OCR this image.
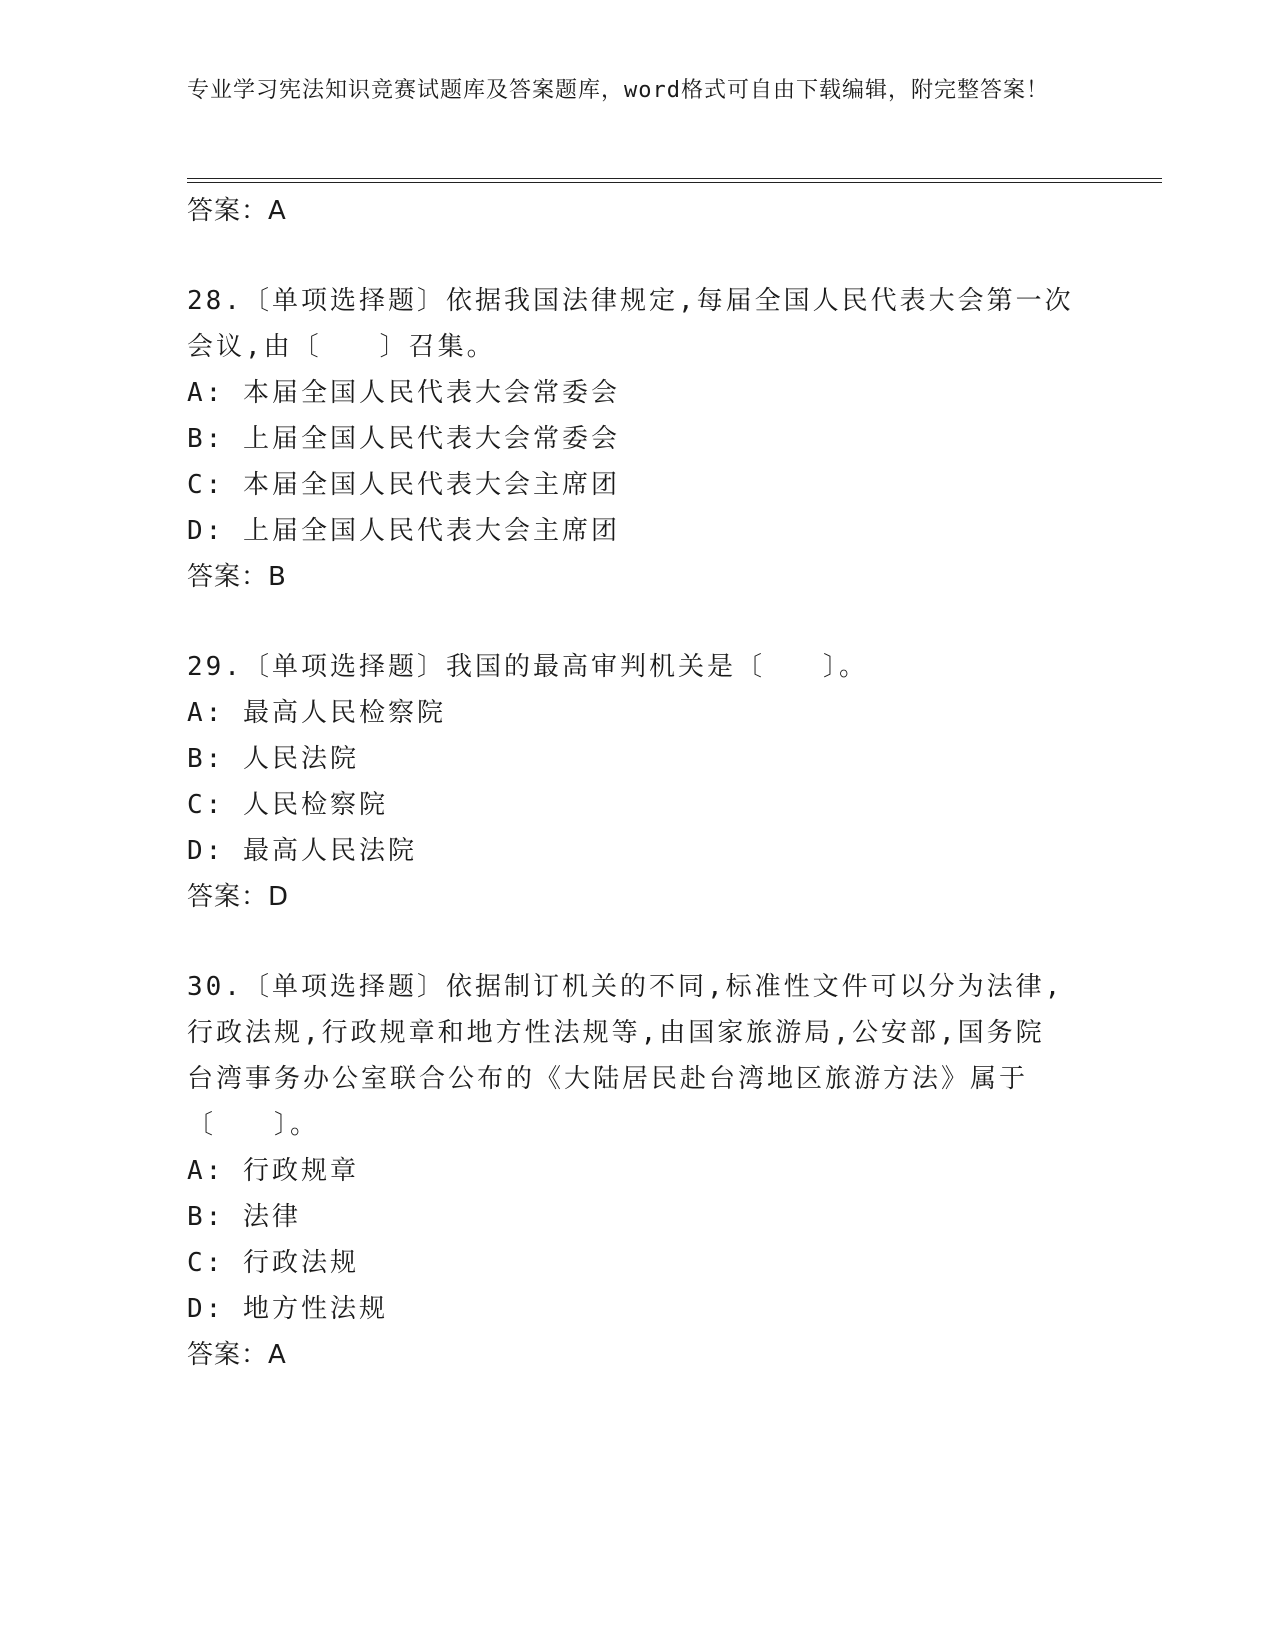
专业学习宪法知识竞赛试题库及答案题库，word格式可自由下载编辑，附完整答案！
答案：A
28.〔单项选择题〕依据我国法律规定,每届全国人民代表大会第一次会议,由〔　　〕召集。
A: 本届全国人民代表大会常委会
B: 上届全国人民代表大会常委会
C: 本届全国人民代表大会主席团
D: 上届全国人民代表大会主席团
答案：B
29.〔单项选择题〕我国的最高审判机关是〔　　〕。
A: 最高人民检察院
B: 人民法院
C: 人民检察院
D: 最高人民法院
答案：D
30.〔单项选择题〕依据制订机关的不同,标准性文件可以分为法律,行政法规,行政规章和地方性法规等,由国家旅游局,公安部,国务院台湾事务办公室联合公布的《大陆居民赴台湾地区旅游方法》属于〔　　〕。
A: 行政规章
B: 法律
C: 行政法规
D: 地方性法规
答案：A
